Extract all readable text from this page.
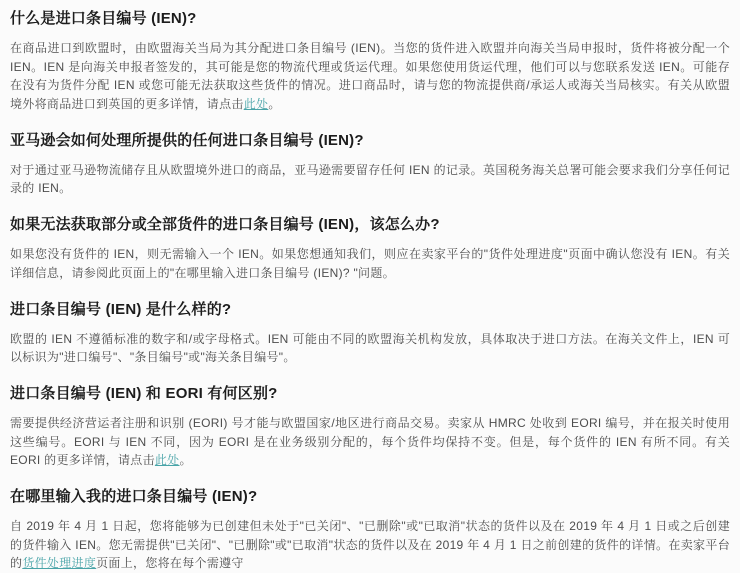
什么是进口条目编号 (IEN)?

在商品进口到欧盟时，由欧盟海关当局为其分配进口条目编号 (IEN)。当您的货件进入欧盟并向海关当局申报时，货件将被分配一个 IEN。IEN 是向海关申报者签发的，其可能是您的物流代理或货运代理。如果您使用货运代理，他们可以与您联系发送 IEN。可能存在没有为货件分配 IEN 或您可能无法获取这些货件的情况。进口商品时，请与您的物流提供商/承运人或海关当局核实。有关从欧盟境外将商品进口到英国的更多详情，请点击此处。

亚马逊会如何处理所提供的任何进口条目编号 (IEN)?

对于通过亚马逊物流储存且从欧盟境外进口的商品，亚马逊需要留存任何 IEN 的记录。英国税务海关总署可能会要求我们分享任何记录的 IEN。

如果无法获取部分或全部货件的进口条目编号 (IEN)，该怎么办?

如果您没有货件的 IEN，则无需输入一个 IEN。如果您想通知我们，则应在卖家平台的"货件处理进度"页面中确认您没有 IEN。有关详细信息，请参阅此页面上的"在哪里输入进口条目编号 (IEN)? "问题。

进口条目编号 (IEN) 是什么样的?

欧盟的 IEN 不遵循标准的数字和/或字母格式。IEN 可能由不同的欧盟海关机构发放，具体取决于进口方法。在海关文件上，IEN 可以标识为"进口编号"、"条目编号"或"海关条目编号"。

进口条目编号 (IEN) 和 EORI 有何区别?

需要提供经济营运者注册和识别 (EORI) 号才能与欧盟国家/地区进行商品交易。卖家从 HMRC 处收到 EORI 编号，并在报关时使用这些编号。EORI 与 IEN 不同，因为 EORI 是在业务级别分配的，每个货件均保持不变。但是，每个货件的 IEN 有所不同。有关 EORI 的更多详情，请点击此处。

在哪里输入我的进口条目编号 (IEN)?

自 2019 年 4 月 1 日起，您将能够为已创建但未处于"已关闭"、"已删除"或"已取消"状态的货件以及在 2019 年 4 月 1 日或之后创建的货件输入 IEN。您无需提供"已关闭"、"已删除"或"已取消"状态的货件以及在 2019 年 4 月 1 日之前创建的货件的详情。在卖家平台的货件处理进度页面上，您将在每个需遵守
